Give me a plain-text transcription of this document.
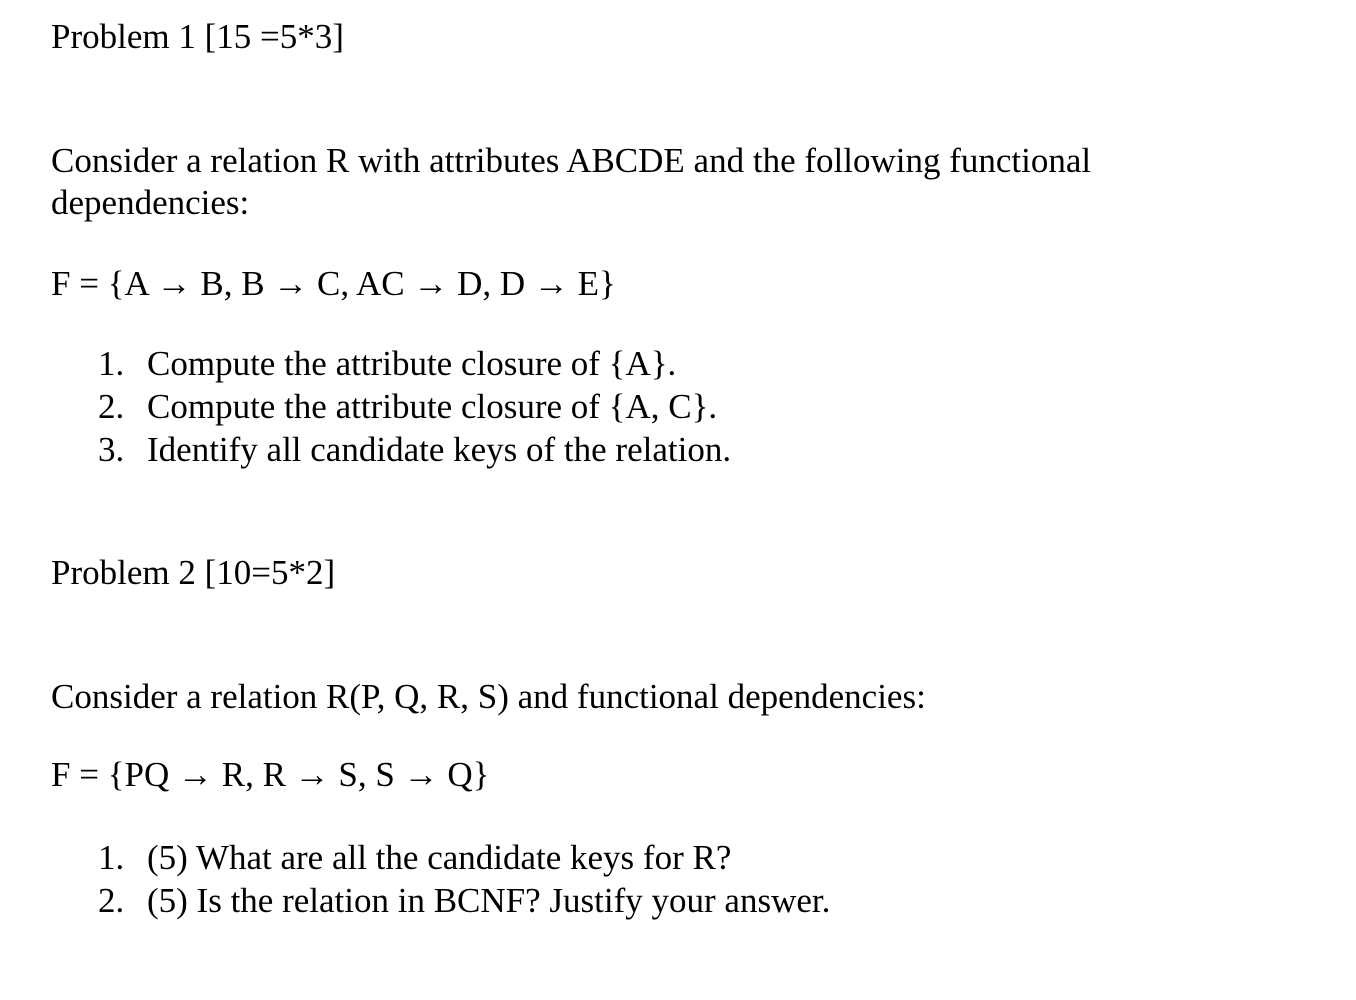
Problem 1 [15 =5*3]

Consider a relation R with attributes ABCDE and the following functional dependencies:

F = {A → B, B → C, AC → D, D → E}

1. Compute the attribute closure of {A}.

2. Compute the attribute closure of {A, C}.

3. Identify all candidate keys of the relation.

Problem 2 [10=5*2]

Consider a relation R(P, Q, R, S) and functional dependencies:

F = {PQ → R, R → S, S → Q}

1. (5) What are all the candidate keys for R?

2. (5) Is the relation in BCNF? Justify your answer.
